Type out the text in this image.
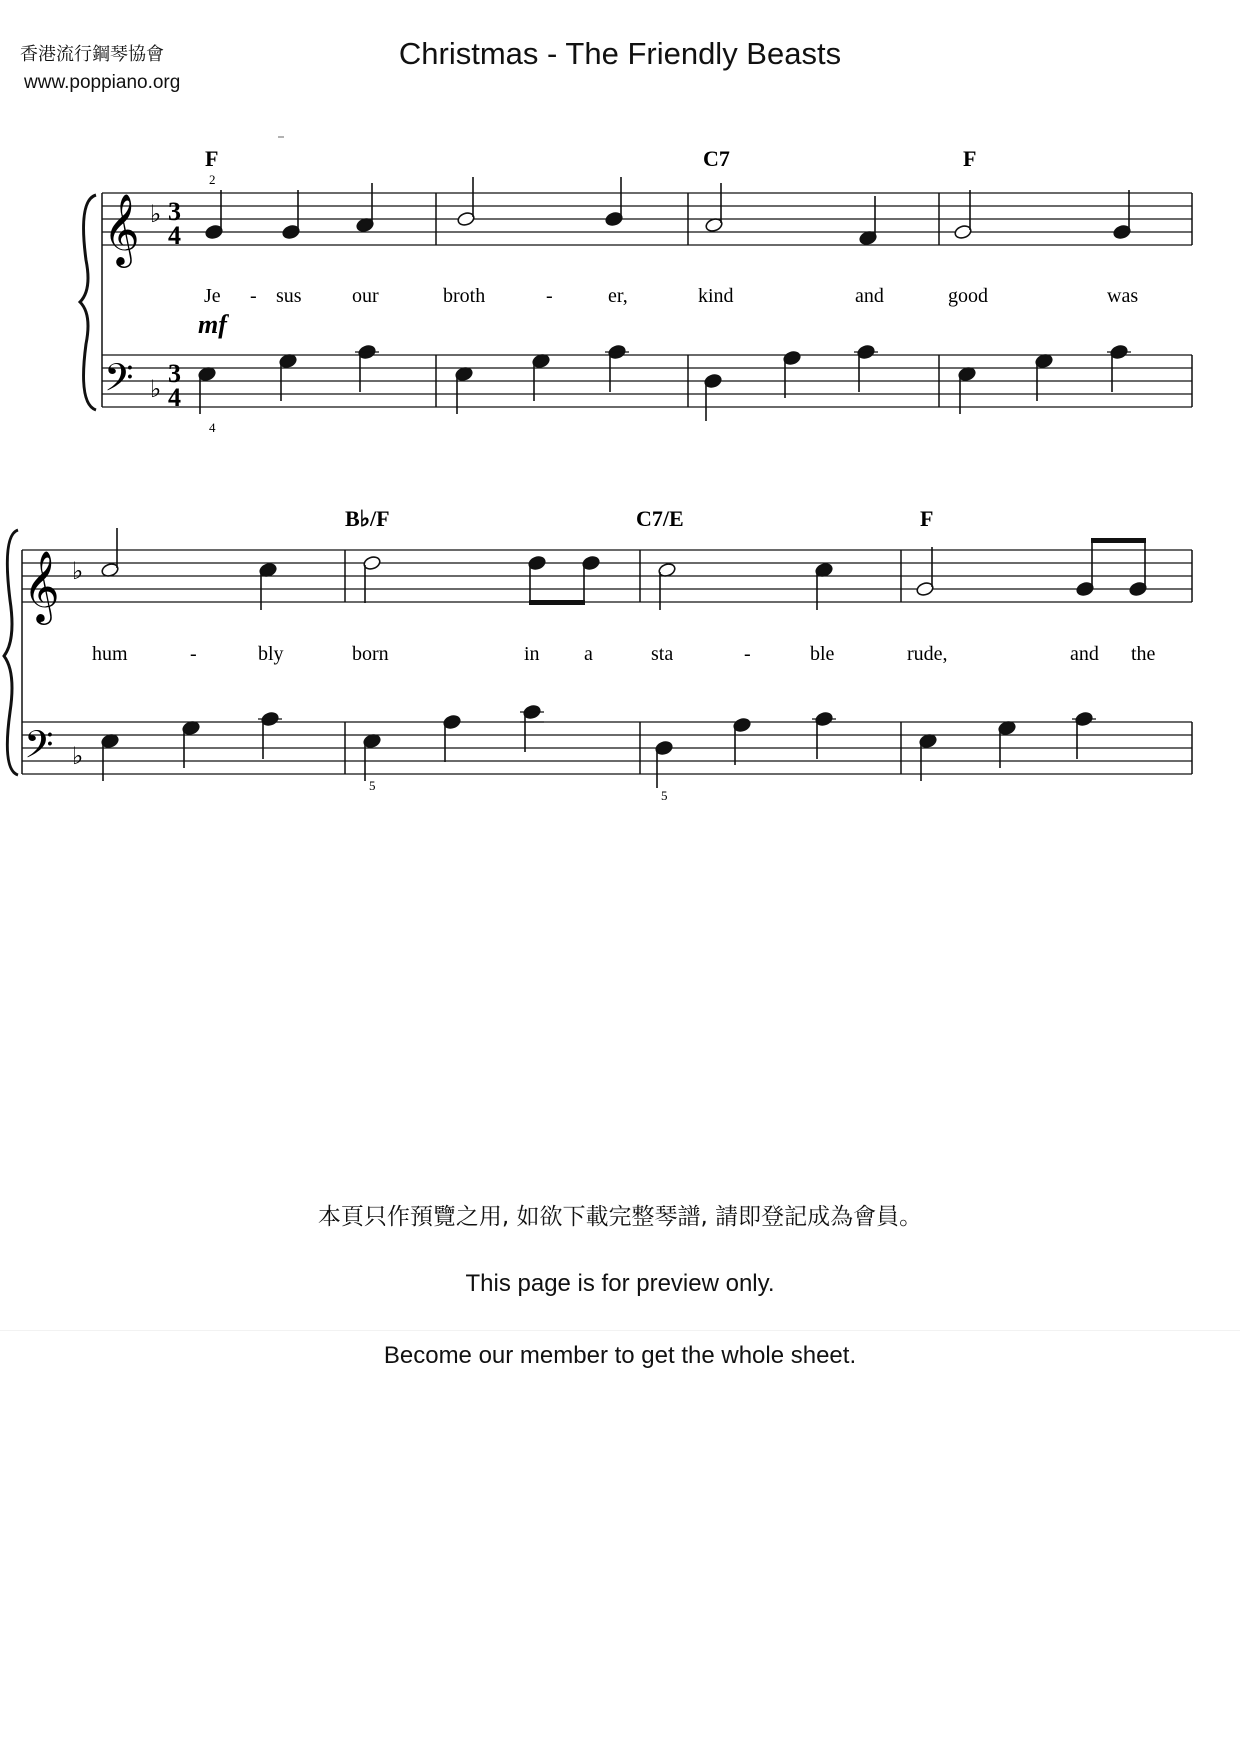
香港流行鋼琴協會
www.poppiano.org
Christmas - The Friendly Beasts
𝄞
𝄢
♭
♭
3
4
3
4
F	C7	F
2
Je - sus	our	broth	-	er,	kind	and	good	was
mf
4
𝄞
𝄢
♭
♭
B♭/F	C7/E	F
hum	-	bly	born	in a	sta	-	ble	rude,	and the
5
5
本頁只作預覽之用, 如欲下載完整琴譜, 請即登記成為會員。
This page is for preview only.
Become our member to get the whole sheet.
